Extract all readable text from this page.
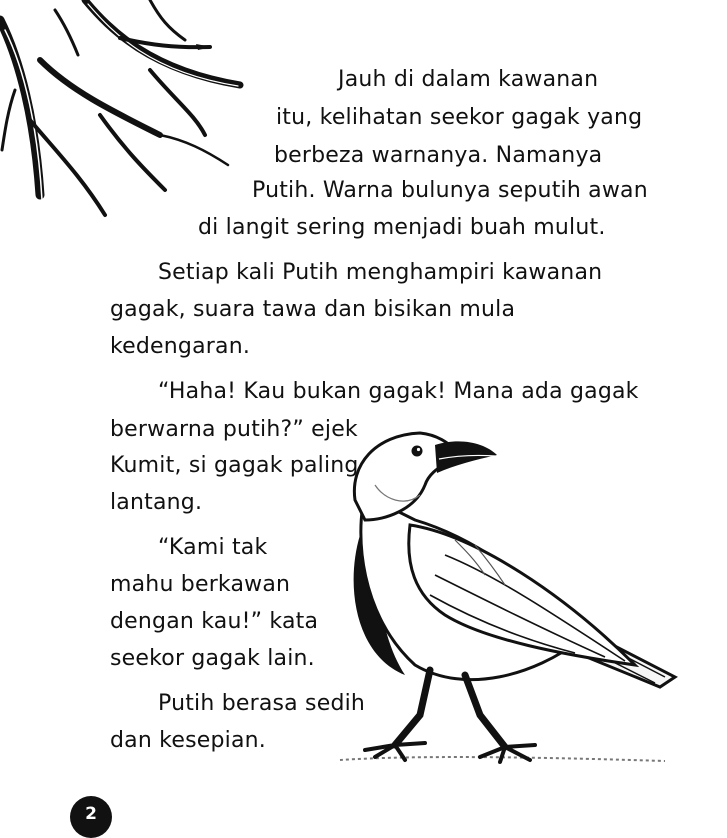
Jauh di dalam kawanan
itu, kelihatan seekor gagak yang
berbeza warnanya. Namanya
Putih. Warna bulunya seputih awan
di langit sering menjadi buah mulut.
Setiap kali Putih menghampiri kawanan
gagak, suara tawa dan bisikan mula
kedengaran.
“Haha! Kau bukan gagak! Mana ada gagak
berwarna putih?” ejek
Kumit, si gagak paling
lantang.
“Kami tak
mahu berkawan
dengan kau!” kata
seekor gagak lain.
Putih berasa sedih
dan kesepian.
2
